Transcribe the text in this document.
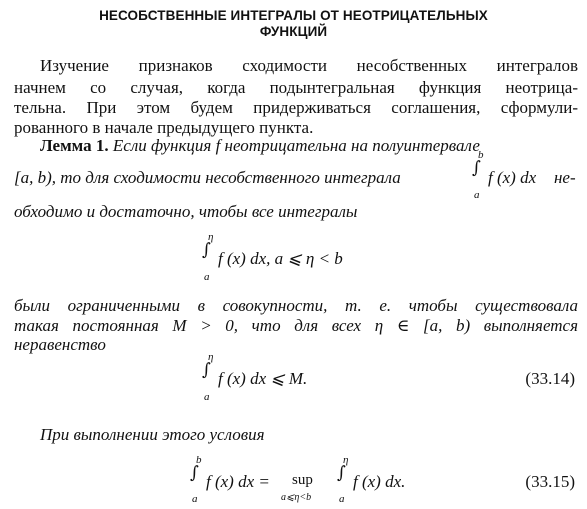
НЕСОБСТВЕННЫЕ ИНТЕГРАЛЫ ОТ НЕОТРИЦАТЕЛЬНЫХ
ФУНКЦИЙ
Изучение признаков сходимости несобственных интегралов
начнем со случая, когда подынтегральная функция неотрица-
тельна. При этом будем придерживаться соглашения, сформули-
рованного в начале предыдущего пункта.
Лемма 1. Если функция f неотрицательна на полуинтервале
[a, b), то для сходимости несобственного интеграла
b
∫
a
f (x) dx не-
обходимо и достаточно, чтобы все интегралы
η
∫
a
f (x) dx, a ⩽ η < b
были ограниченными в совокупности, т. е. чтобы существовала
такая постоянная M > 0, что для всех η ∈ [a, b) выполняется
неравенство
η
∫
a
f (x) dx ⩽ M.	(33.14)
При выполнении этого условия
b
∫
a
f (x) dx = sup
a⩽η<b
η
∫
a
f (x) dx.	(33.15)
